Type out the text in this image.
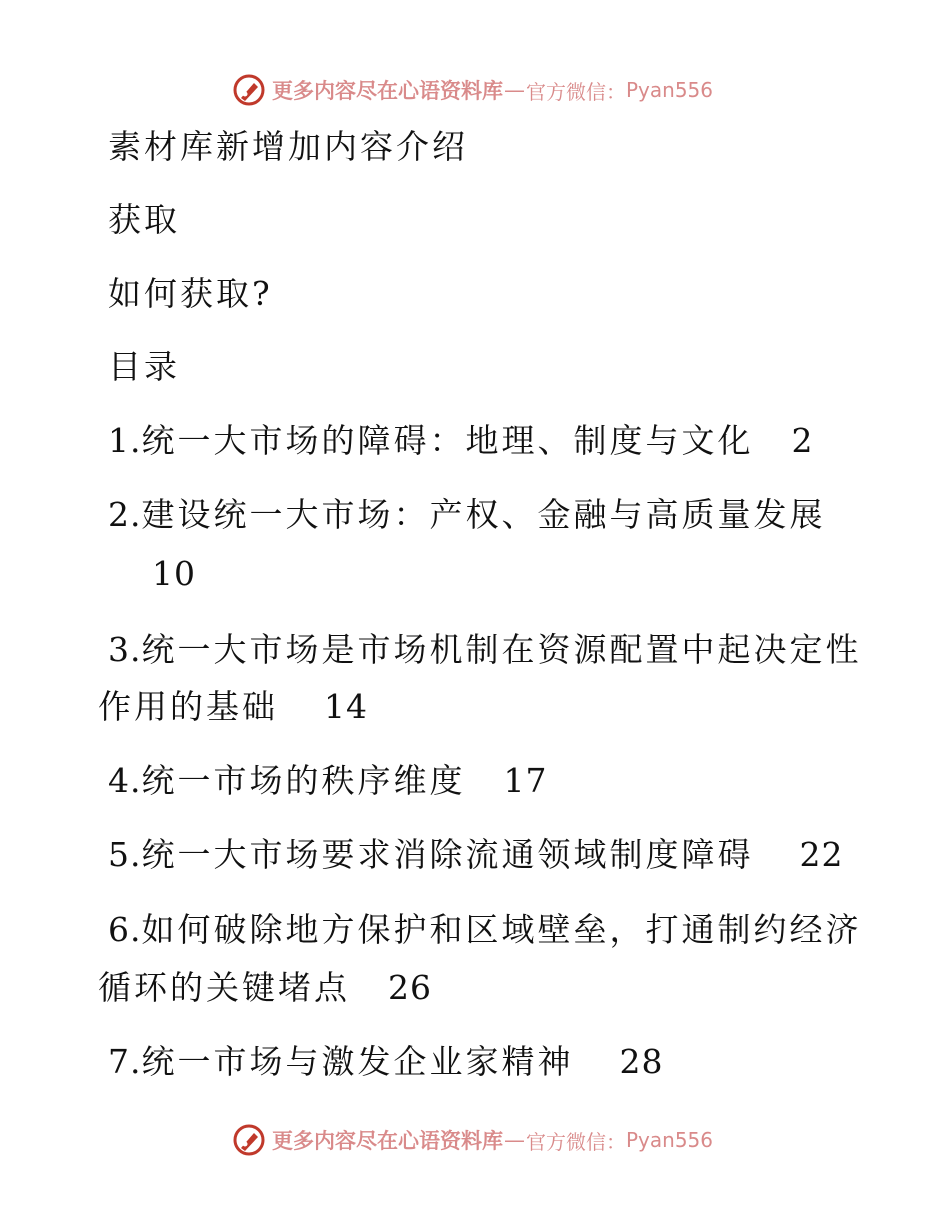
更多内容尽在心语资料库 — 官方微信： Pyan556
素材库新增加内容介绍
获取
如何获取?
目录
1.统一大市场的障碍：地理、制度与文化 2
2.建设统一大市场：产权、金融与高质量发展
10
3.统一大市场是市场机制在资源配置中起决定性
作用的基础 14
4.统一市场的秩序维度 17
5.统一大市场要求消除流通领域制度障碍 22
6.如何破除地方保护和区域壁垒，打通制约经济
循环的关键堵点 26
7.统一市场与激发企业家精神 28
更多内容尽在心语资料库 — 官方微信： Pyan556
